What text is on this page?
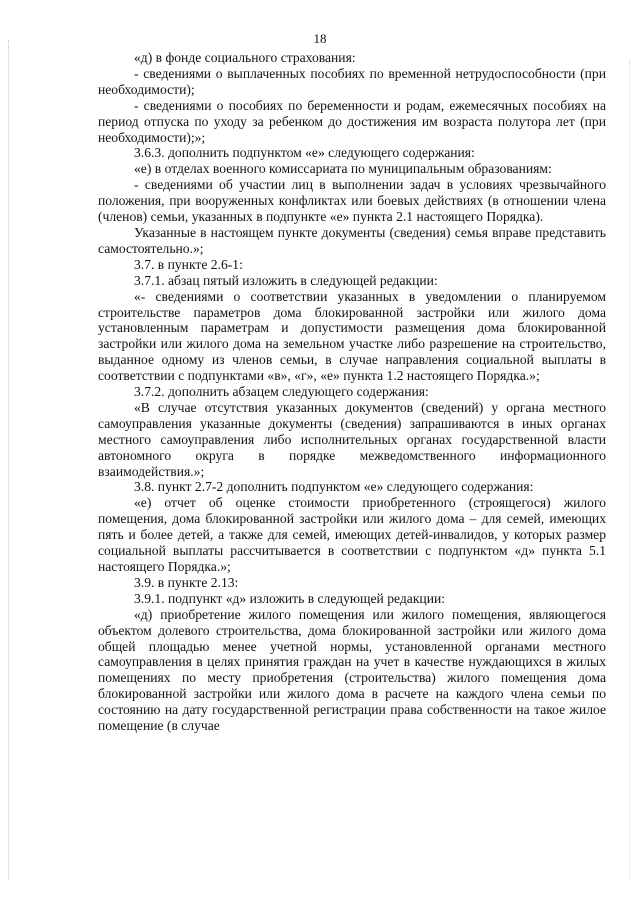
18

«д) в фонде социального страхования:

- сведениями о выплаченных пособиях по временной нетрудоспособности (при необходимости);

- сведениями о пособиях по беременности и родам, ежемесячных пособиях на период отпуска по уходу за ребенком до достижения им возраста полутора лет (при необходимости);»;

3.6.3. дополнить подпунктом «е» следующего содержания:

«е) в отделах военного комиссариата по муниципальным образованиям:

- сведениями об участии лиц в выполнении задач в условиях чрезвычайного положения, при вооруженных конфликтах или боевых действиях (в отношении члена (членов) семьи, указанных в подпункте «е» пункта 2.1 настоящего Порядка).

Указанные в настоящем пункте документы (сведения) семья вправе представить самостоятельно.»;

3.7. в пункте 2.6-1:

3.7.1. абзац пятый изложить в следующей редакции:

«- сведениями о соответствии указанных в уведомлении о планируемом строительстве параметров дома блокированной застройки или жилого дома установленным параметрам и допустимости размещения дома блокированной застройки или жилого дома на земельном участке либо разрешение на строительство, выданное одному из членов семьи, в случае направления социальной выплаты в соответствии с подпунктами «в», «г», «е» пункта 1.2 настоящего Порядка.»;

3.7.2. дополнить абзацем следующего содержания:

«В случае отсутствия указанных документов (сведений) у органа местного самоуправления указанные документы (сведения) запрашиваются в иных органах местного самоуправления либо исполнительных органах государственной власти автономного округа в порядке межведомственного информационного взаимодействия.»;

3.8. пункт 2.7-2 дополнить подпунктом «е» следующего содержания:

«е) отчет об оценке стоимости приобретенного (строящегося) жилого помещения, дома блокированной застройки или жилого дома – для семей, имеющих пять и более детей, а также для семей, имеющих детей-инвалидов, у которых размер социальной выплаты рассчитывается в соответствии с подпунктом «д» пункта 5.1 настоящего Порядка.»;

3.9. в пункте 2.13:

3.9.1. подпункт «д» изложить в следующей редакции:

«д) приобретение жилого помещения или жилого помещения, являющегося объектом долевого строительства, дома блокированной застройки или жилого дома общей площадью менее учетной нормы, установленной органами местного самоуправления в целях принятия граждан на учет в качестве нуждающихся в жилых помещениях по месту приобретения (строительства) жилого помещения дома блокированной застройки или жилого дома в расчете на каждого члена семьи по состоянию на дату государственной регистрации права собственности на такое жилое помещение (в случае
